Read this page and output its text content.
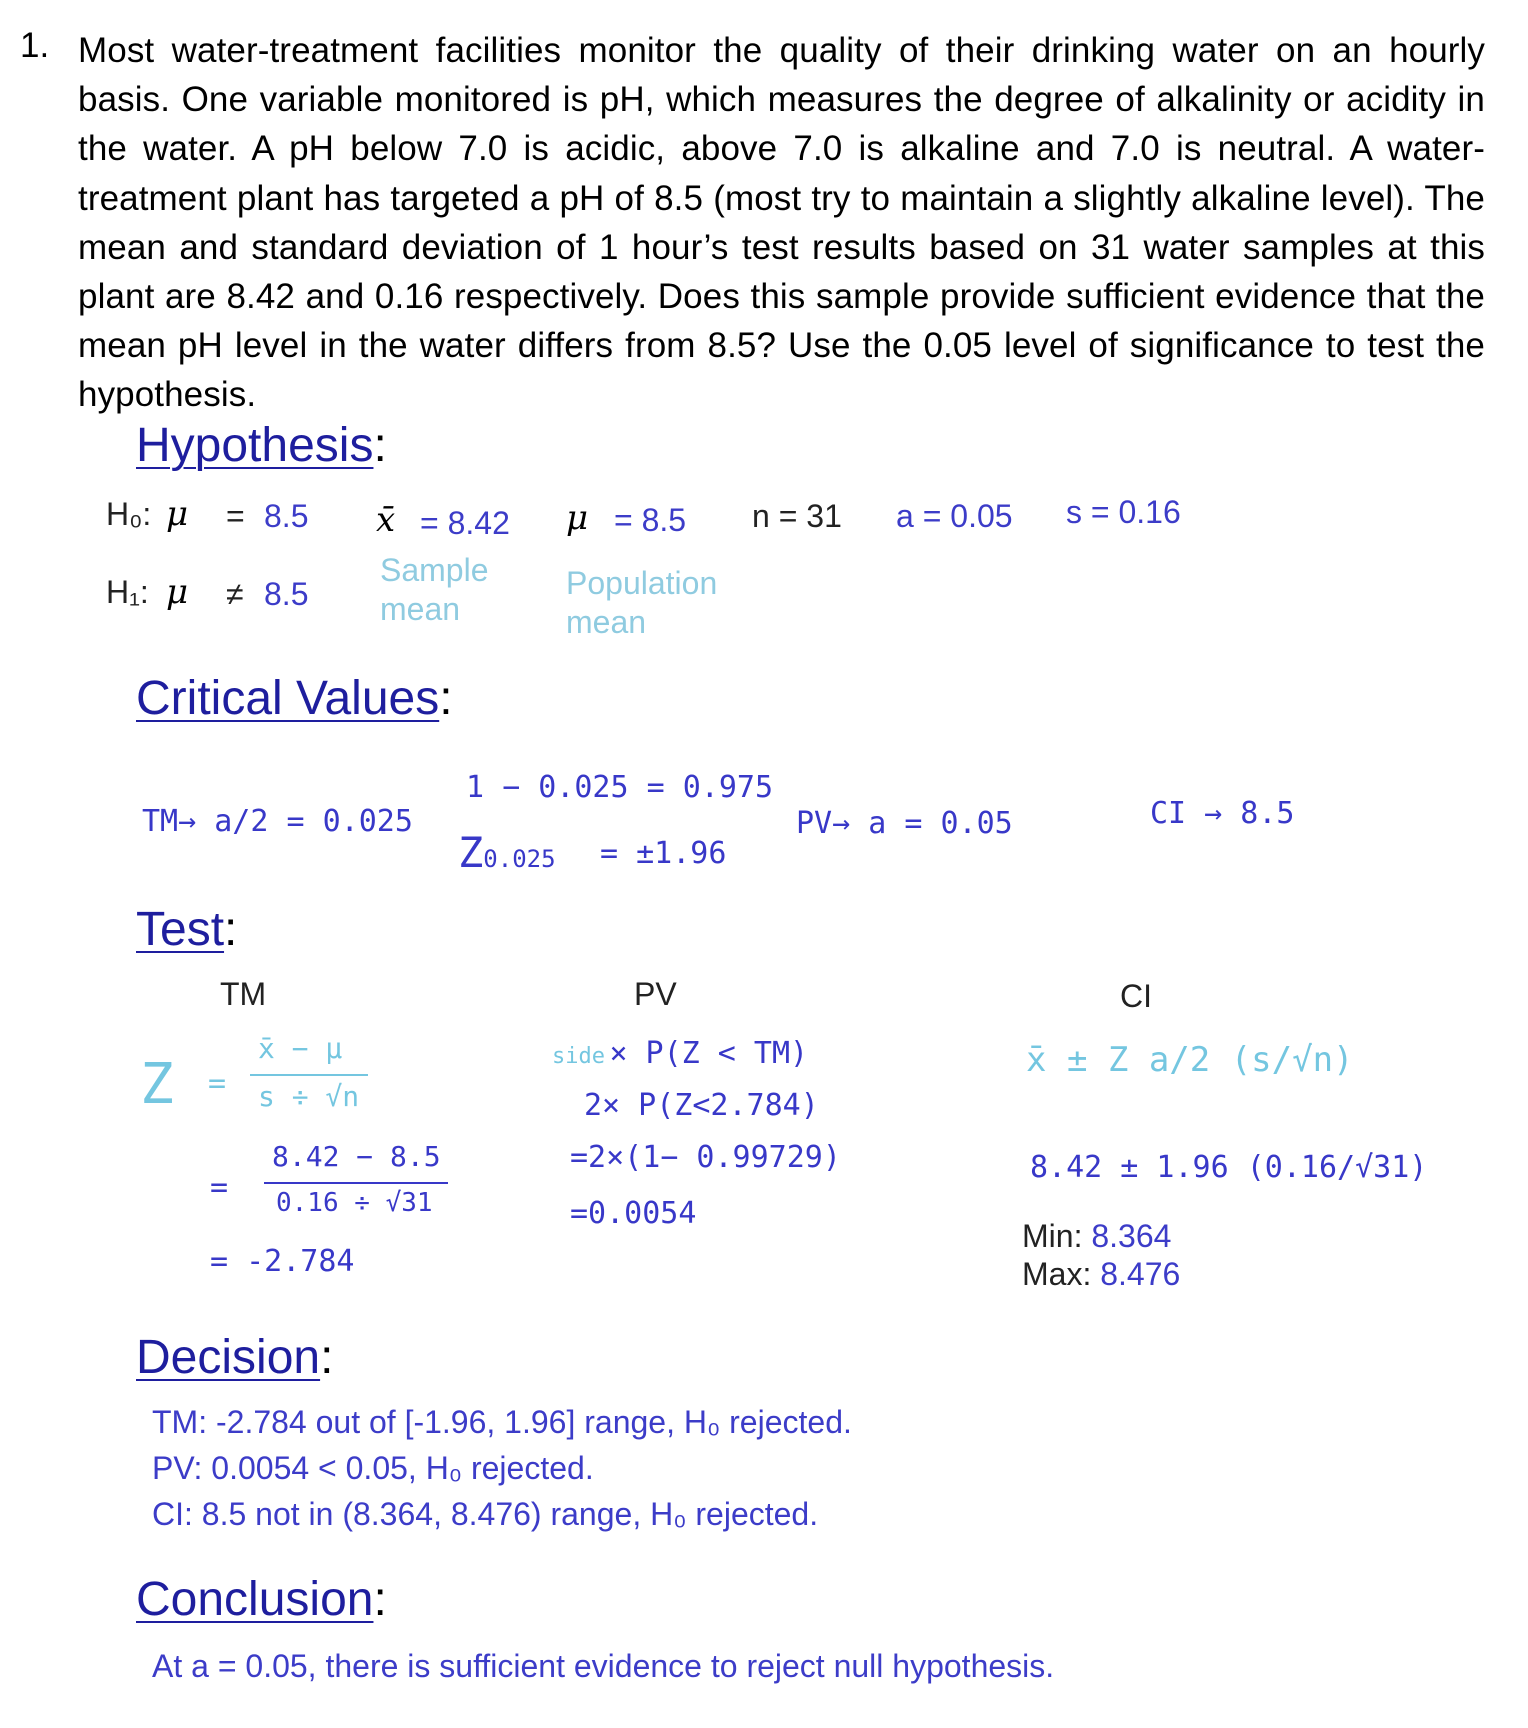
1. Most water-treatment facilities monitor the quality of their drinking water on an hourly basis. One variable monitored is pH, which measures the degree of alkalinity or acidity in the water. A pH below 7.0 is acidic, above 7.0 is alkaline and 7.0 is neutral. A water-treatment plant has targeted a pH of 8.5 (most try to maintain a slightly alkaline level). The mean and standard deviation of 1 hour’s test results based on 31 water samples at this plant are 8.42 and 0.16 respectively. Does this sample provide sufficient evidence that the mean pH level in the water differs from 8.5? Use the 0.05 level of significance to test the hypothesis.
Hypothesis:
H₀: μ = 8.5
H₁: μ ≠ 8.5
x̄ = 8.42
Sample
mean
μ = 8.5
Population
mean
n = 31 a = 0.05 s = 0.16
Critical Values:
TM→ a/2 = 0.025
1 − 0.025 = 0.975
Z0.025 = ±1.96
PV→ a = 0.05	CI → 8.5
Test:
TM	PV	CI
Z =
x̄ − μ
s ÷ √n
=
8.42 − 8.5
0.16 ÷ √31
= -2.784
side × P(Z < TM)
2× P(Z<2.784)
=2×(1− 0.99729)
=0.0054
x̄ ± Z a/2 (s/√n)
8.42 ± 1.96 (0.16/√31)
Min: 8.364
Max: 8.476
Decision:
TM: -2.784 out of [-1.96, 1.96] range, H₀ rejected.
PV: 0.0054 < 0.05, H₀ rejected.
CI: 8.5 not in (8.364, 8.476) range, H₀ rejected.
Conclusion:
At a = 0.05, there is sufficient evidence to reject null hypothesis.
